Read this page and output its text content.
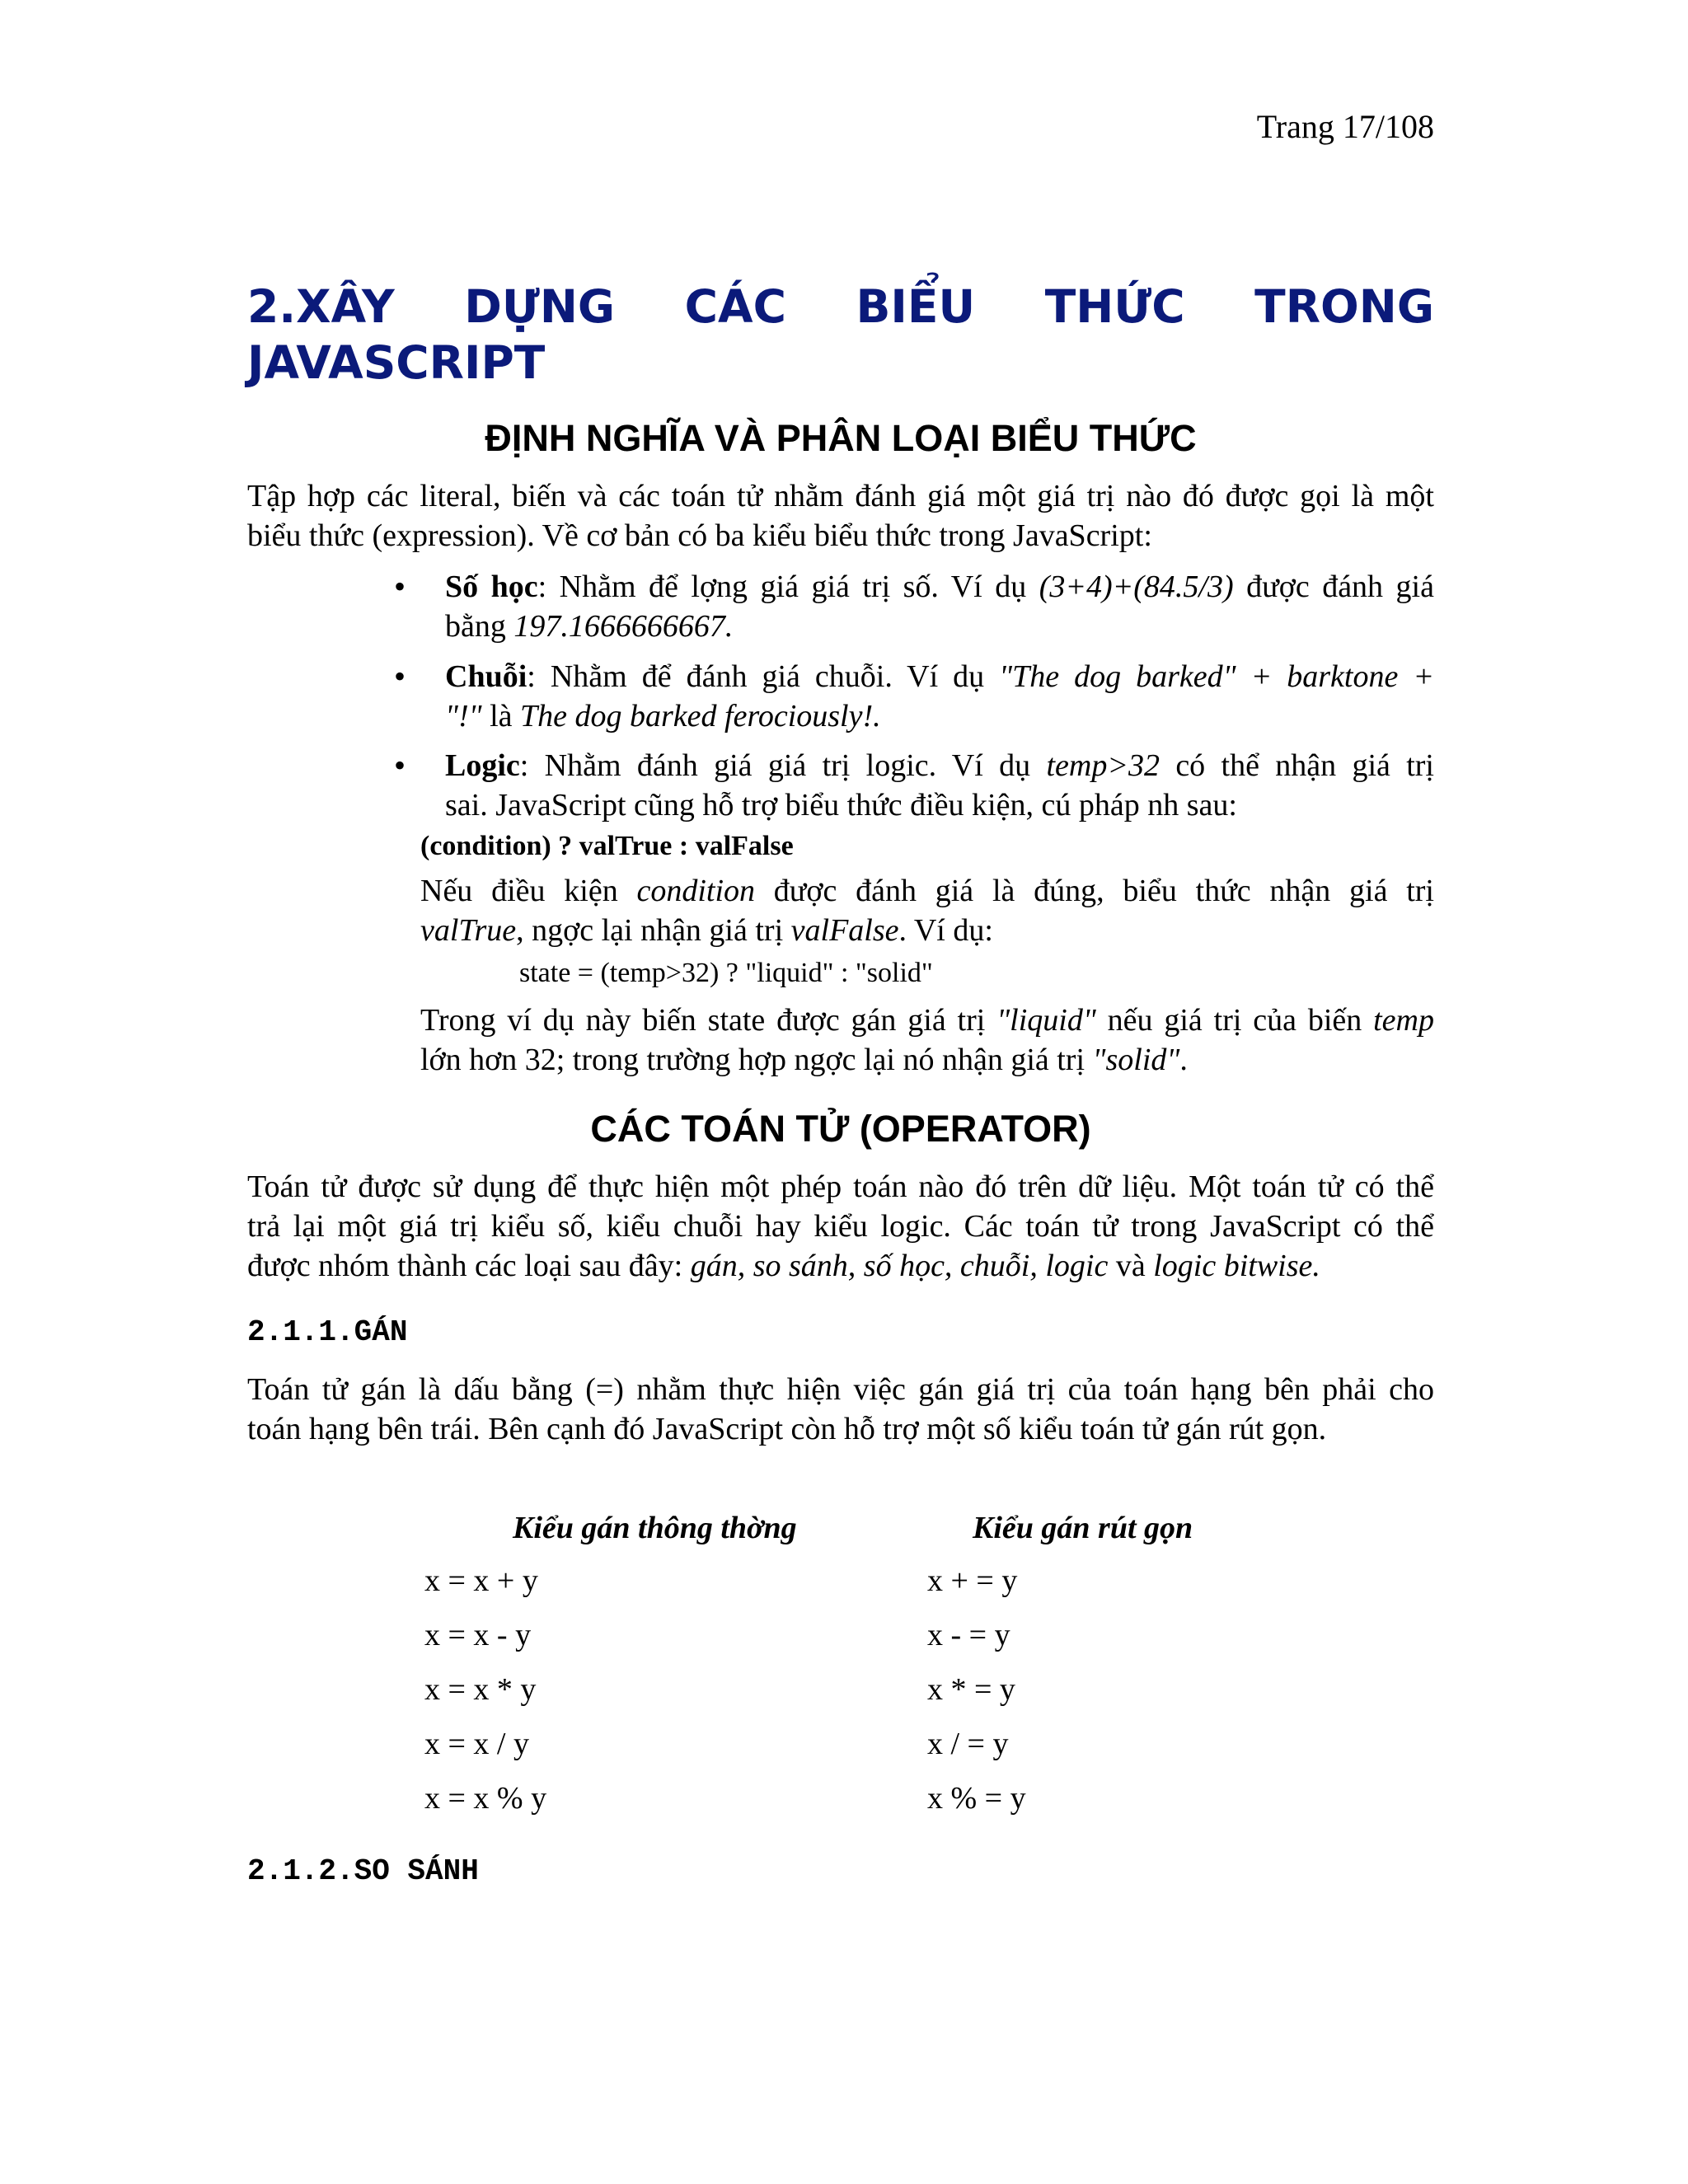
Trang 17/108
2.XÂY DỰNG CÁC BIỂU THỨC TRONG
JAVASCRIPT
ĐỊNH NGHĨA VÀ PHÂN LOẠI BIỂU THỨC
Tập hợp các literal, biến và các toán tử nhằm đánh giá một giá trị nào đó được gọi là một
biểu thức (expression). Về cơ bản có ba kiểu biểu thức trong JavaScript:
• Số học: Nhằm để lợng giá giá trị số. Ví dụ (3+4)+(84.5/3) được đánh giá
bằng 197.1666666667.
• Chuỗi: Nhằm để đánh giá chuỗi. Ví dụ "The dog barked" + barktone +
"!" là The dog barked ferociously!.
• Logic: Nhằm đánh giá giá trị logic. Ví dụ temp>32 có thể nhận giá trị
sai. JavaScript cũng hỗ trợ biểu thức điều kiện, cú pháp nh sau:
(condition) ? valTrue : valFalse
Nếu điều kiện condition được đánh giá là đúng, biểu thức nhận giá trị
valTrue, ngợc lại nhận giá trị valFalse. Ví dụ:
state = (temp>32) ? "liquid" : "solid"
Trong ví dụ này biến state được gán giá trị "liquid" nếu giá trị của biến temp
lớn hơn 32; trong trường hợp ngợc lại nó nhận giá trị "solid".
CÁC TOÁN TỬ (OPERATOR)
Toán tử được sử dụng để thực hiện một phép toán nào đó trên dữ liệu. Một toán tử có thể
trả lại một giá trị kiểu số, kiểu chuỗi hay kiểu logic. Các toán tử trong JavaScript có thể
được nhóm thành các loại sau đây: gán, so sánh, số học, chuỗi, logic và logic bitwise.
2.1.1.GÁN
Toán tử gán là dấu bằng (=) nhằm thực hiện việc gán giá trị của toán hạng bên phải cho
toán hạng bên trái. Bên cạnh đó JavaScript còn hỗ trợ một số kiểu toán tử gán rút gọn.
Kiểu gán thông thờng	Kiểu gán rút gọn
x = x + y	x + = y
x = x - y	x - = y
x = x * y	x * = y
x = x / y	x / = y
x = x % y	x % = y
2.1.2.SO SÁNH
